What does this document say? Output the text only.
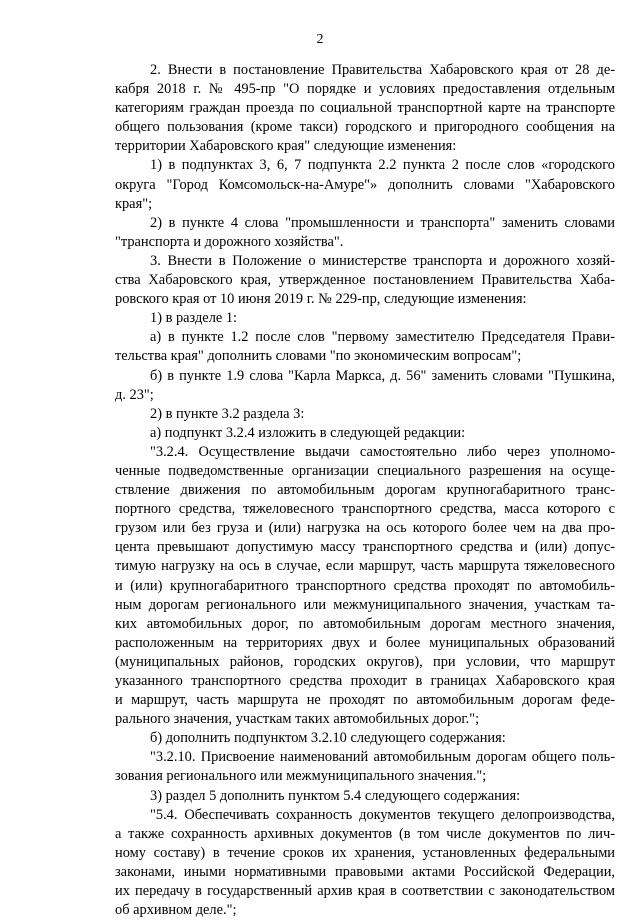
2
2. Внести в постановление Правительства Хабаровского края от 28 де-
кабря 2018 г. № 495-пр "О порядке и условиях предоставления отдельным
категориям граждан проезда по социальной транспортной карте на транспорте
общего пользования (кроме такси) городского и пригородного сообщения на
территории Хабаровского края" следующие изменения:
1) в подпунктах 3, 6, 7 подпункта 2.2 пункта 2 после слов «городского
округа "Город Комсомольск-на-Амуре"» дополнить словами "Хабаровского
края";
2) в пункте 4 слова "промышленности и транспорта" заменить словами
"транспорта и дорожного хозяйства".
3. Внести в Положение о министерстве транспорта и дорожного хозяй-
ства Хабаровского края, утвержденное постановлением Правительства Хаба-
ровского края от 10 июня 2019 г. № 229-пр, следующие изменения:
1) в разделе 1:
а) в пункте 1.2 после слов "первому заместителю Председателя Прави-
тельства края" дополнить словами "по экономическим вопросам";
б) в пункте 1.9 слова "Карла Маркса, д. 56" заменить словами "Пушкина,
д. 23";
2) в пункте 3.2 раздела 3:
а) подпункт 3.2.4 изложить в следующей редакции:
"3.2.4. Осуществление выдачи самостоятельно либо через уполномо-
ченные подведомственные организации специального разрешения на осуще-
ствление движения по автомобильным дорогам крупногабаритного транс-
портного средства, тяжеловесного транспортного средства, масса которого с
грузом или без груза и (или) нагрузка на ось которого более чем на два про-
цента превышают допустимую массу транспортного средства и (или) допус-
тимую нагрузку на ось в случае, если маршрут, часть маршрута тяжеловесного
и (или) крупногабаритного транспортного средства проходят по автомобиль-
ным дорогам регионального или межмуниципального значения, участкам та-
ких автомобильных дорог, по автомобильным дорогам местного значения,
расположенным на территориях двух и более муниципальных образований
(муниципальных районов, городских округов), при условии, что маршрут
указанного транспортного средства проходит в границах Хабаровского края
и маршрут, часть маршрута не проходят по автомобильным дорогам феде-
рального значения, участкам таких автомобильных дорог.";
б) дополнить подпунктом 3.2.10 следующего содержания:
"3.2.10. Присвоение наименований автомобильным дорогам общего поль-
зования регионального или межмуниципального значения.";
3) раздел 5 дополнить пунктом 5.4 следующего содержания:
"5.4. Обеспечивать сохранность документов текущего делопроизводства,
а также сохранность архивных документов (в том числе документов по лич-
ному составу) в течение сроков их хранения, установленных федеральными
законами, иными нормативными правовыми актами Российской Федерации,
их передачу в государственный архив края в соответствии с законодательством
об архивном деле.";
